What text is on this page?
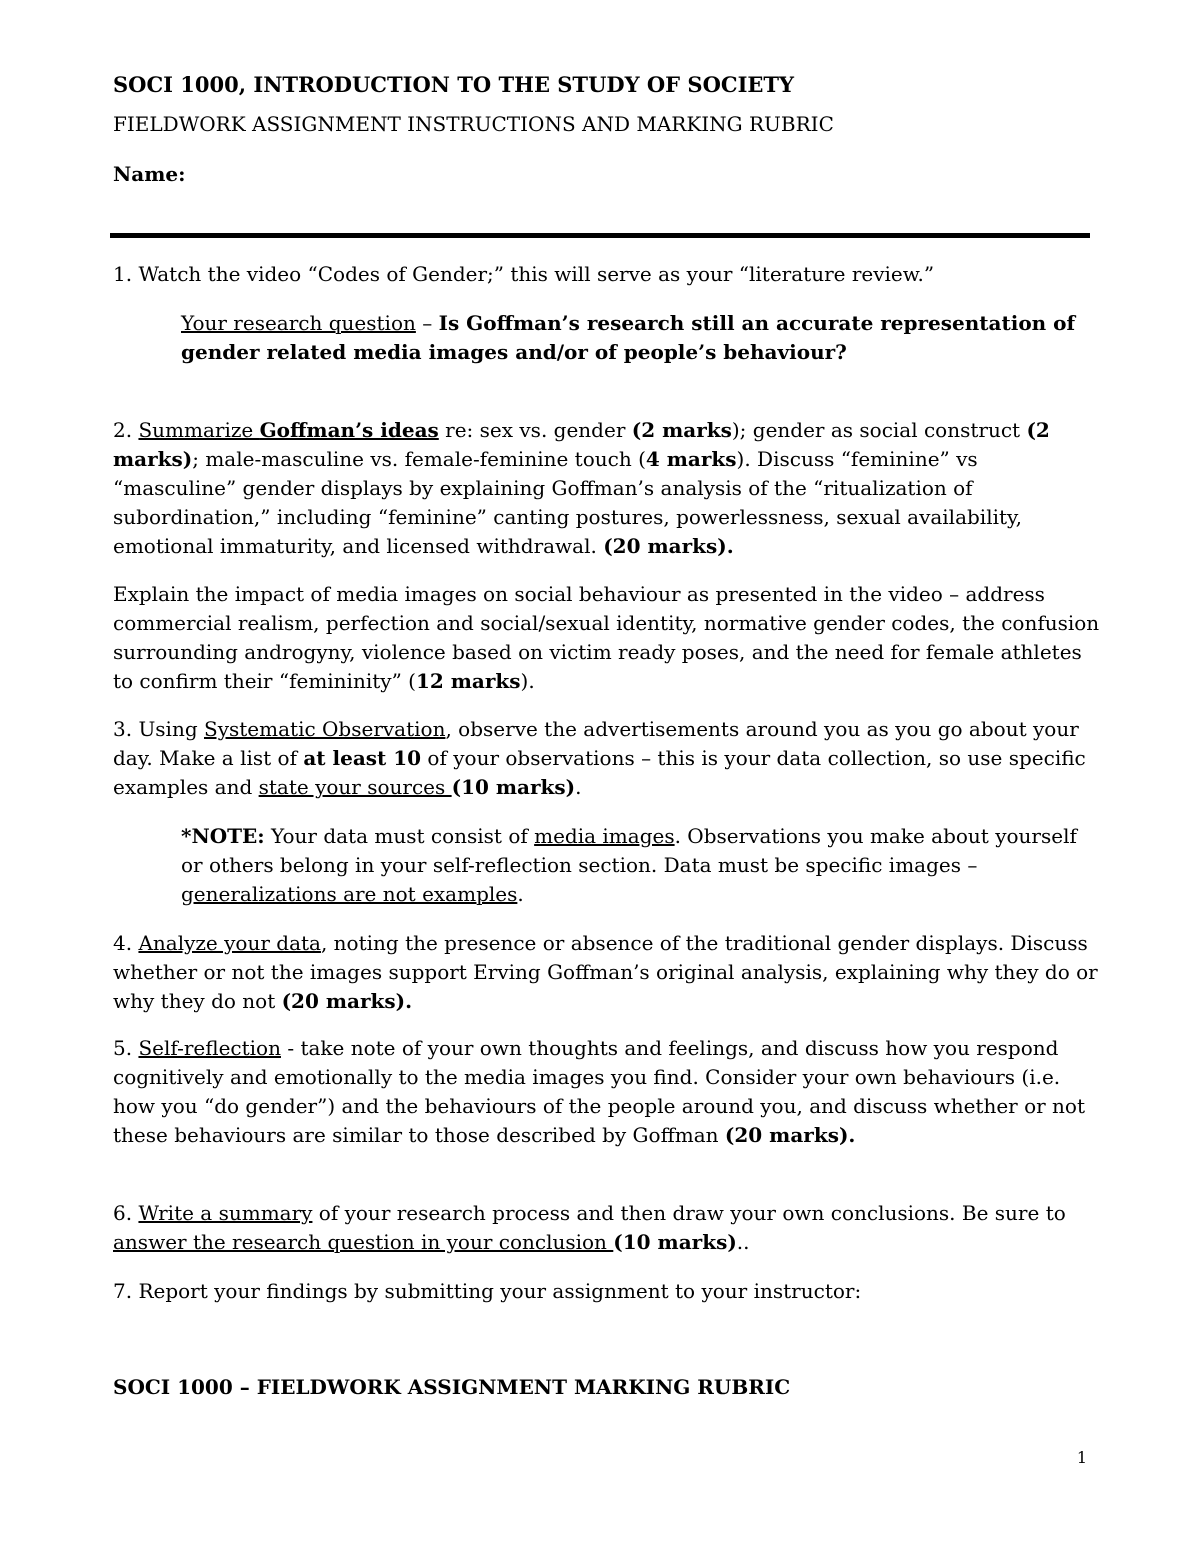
SOCI 1000, INTRODUCTION TO THE STUDY OF SOCIETY
FIELDWORK ASSIGNMENT INSTRUCTIONS AND MARKING RUBRIC
Name:
1. Watch the video “Codes of Gender;” this will serve as your “literature review.”
Your research question – Is Goffman’s research still an accurate representation of gender related media images and/or of people’s behaviour?
2. Summarize Goffman’s ideas re: sex vs. gender (2 marks); gender as social construct (2 marks); male-masculine vs. female-feminine touch (4 marks). Discuss “feminine” vs “masculine” gender displays by explaining Goffman’s analysis of the “ritualization of subordination,” including “feminine” canting postures, powerlessness, sexual availability, emotional immaturity, and licensed withdrawal. (20 marks).
Explain the impact of media images on social behaviour as presented in the video – address commercial realism, perfection and social/sexual identity, normative gender codes, the confusion surrounding androgyny, violence based on victim ready poses, and the need for female athletes to confirm their “femininity” (12 marks).
3. Using Systematic Observation, observe the advertisements around you as you go about your day. Make a list of at least 10 of your observations – this is your data collection, so use specific examples and state your sources (10 marks).
*NOTE: Your data must consist of media images. Observations you make about yourself or others belong in your self-reflection section. Data must be specific images – generalizations are not examples.
4. Analyze your data, noting the presence or absence of the traditional gender displays. Discuss whether or not the images support Erving Goffman’s original analysis, explaining why they do or why they do not (20 marks).
5. Self-reflection - take note of your own thoughts and feelings, and discuss how you respond cognitively and emotionally to the media images you find. Consider your own behaviours (i.e. how you “do gender”) and the behaviours of the people around you, and discuss whether or not these behaviours are similar to those described by Goffman (20 marks).
6. Write a summary of your research process and then draw your own conclusions. Be sure to answer the research question in your conclusion (10 marks)..
7. Report your findings by submitting your assignment to your instructor:
SOCI 1000 – FIELDWORK ASSIGNMENT MARKING RUBRIC
1
